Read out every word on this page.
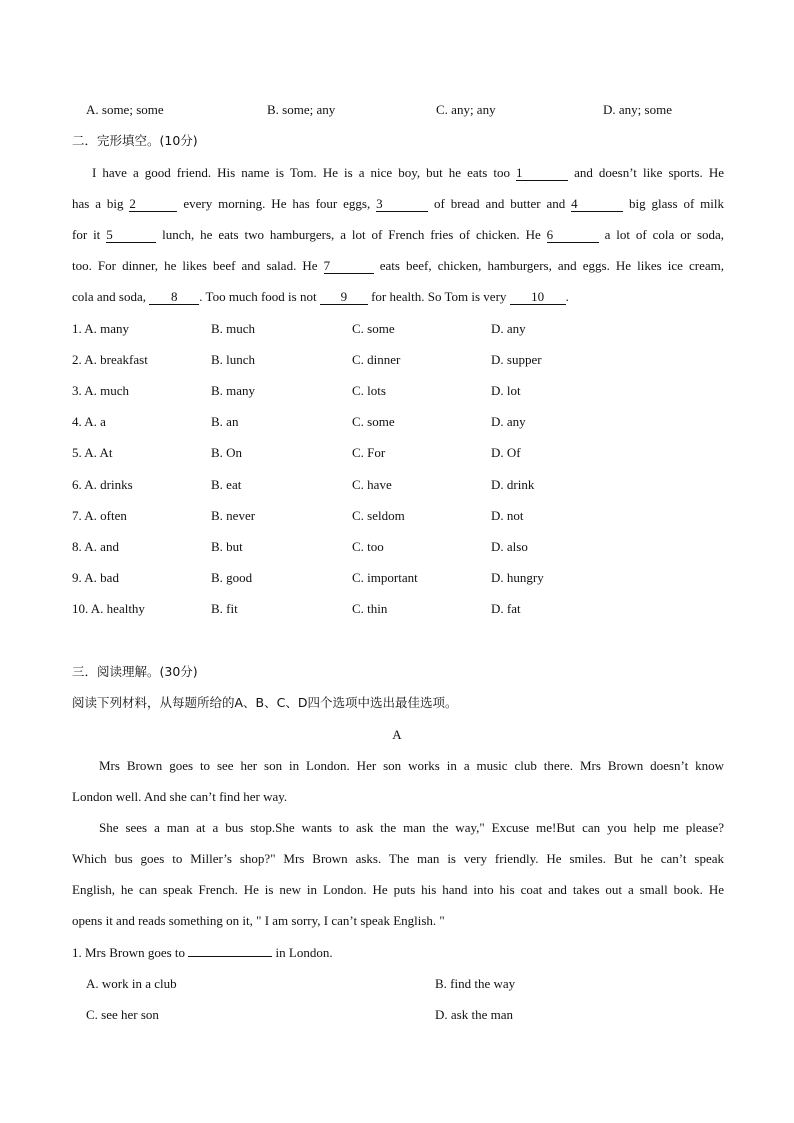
A. some; some	B. some; any	C. any; any	D. any; some
二．完形填空。(10分)
I have a good friend. His name is Tom. He is a nice boy, but he eats too 1	and doesn’t like sports. He
has a big 2	every morning. He has four eggs, 3	of bread and butter and 4	big glass of milk
for it 5	lunch, he eats two hamburgers, a lot of French fries of chicken. He 6	a lot of cola or soda,
too. For dinner, he likes beef and salad. He 7	eats beef, chicken, hamburgers, and eggs. He likes ice cream,
cola and soda, 8 . Too much food is not 9 for health. So Tom is very 10 .
1. A. many	B. much	C. some	D. any
2. A. breakfast	B. lunch	C. dinner	D. supper
3. A. much	B. many	C. lots	D. lot
4. A. a	B. an	C. some	D. any
5. A. At	B. On	C. For	D. Of
6. A. drinks	B. eat	C. have	D. drink
7. A. often	B. never	C. seldom	D. not
8. A. and	B. but	C. too	D. also
9. A. bad	B. good	C. important	D. hungry
10. A. healthy	B. fit	C. thin	D. fat
三．阅读理解。(30分)
阅读下列材料，从每题所给的A、B、C、D四个选项中选出最佳选项。
A
Mrs Brown goes to see her son in London. Her son works in a music club there. Mrs Brown doesn’t know
London well. And she can’t find her way.
She sees a man at a bus stop.She wants to ask the man the way," Excuse me!But can you help me please?
Which bus goes to Miller’s shop?" Mrs Brown asks. The man is very friendly. He smiles. But he can’t speak
English, he can speak French. He is new in London. He puts his hand into his coat and takes out a small book. He
opens it and reads something on it, " I am sorry, I can’t speak English. "
1. Mrs Brown goes to	in London.
A. work in a club	B. find the way
C. see her son	D. ask the man
